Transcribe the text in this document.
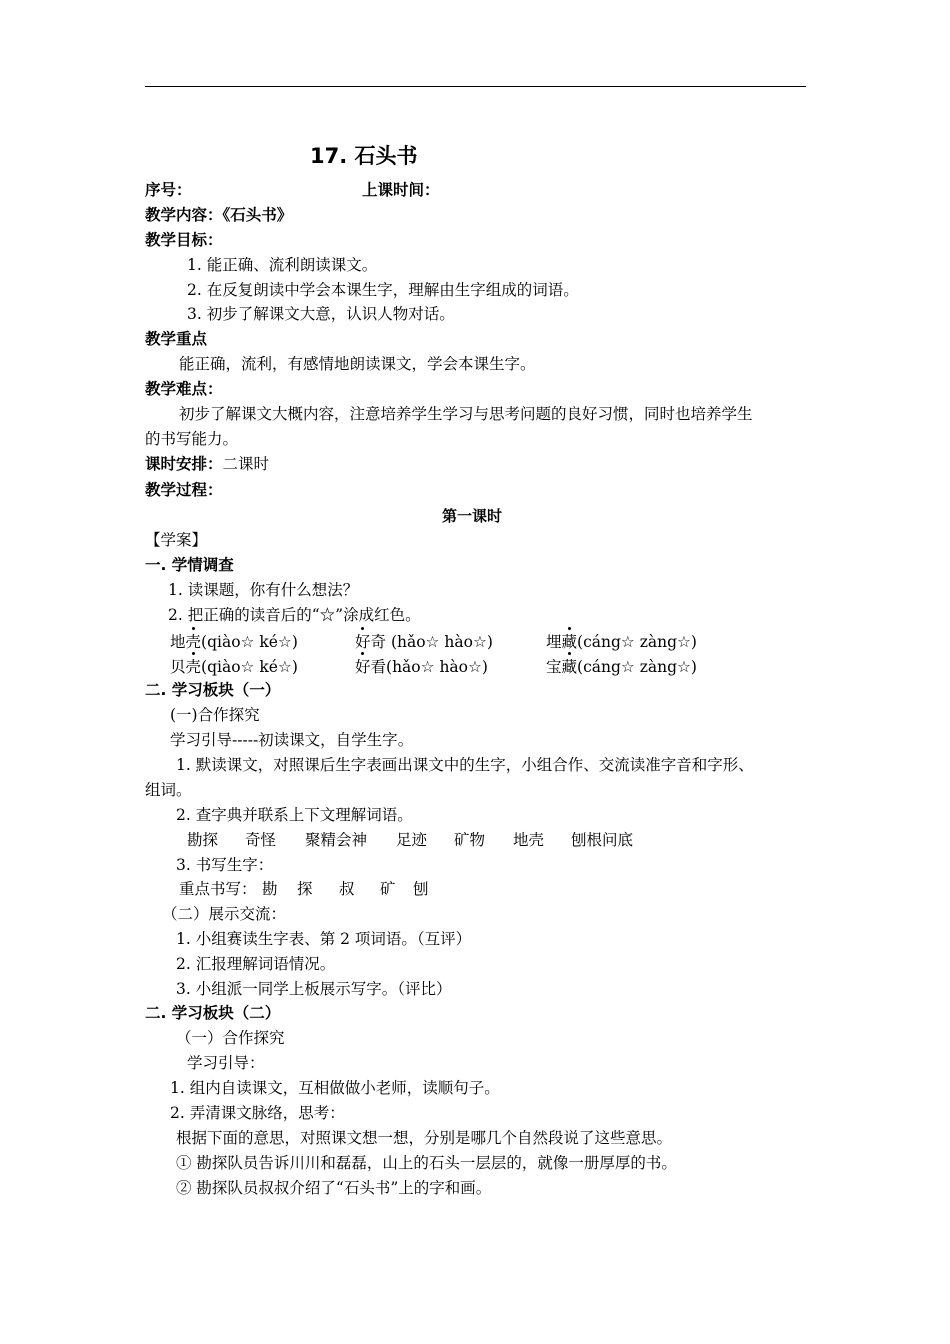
17. 石头书
序号：	上课时间：
教学内容：《石头书》
教学目标：
1. 能正确、流利朗读课文。
2. 在反复朗读中学会本课生字，理解由生字组成的词语。
3. 初步了解课文大意，认识人物对话。
教学重点
能正确，流利，有感情地朗读课文，学会本课生字。
教学难点：
初步了解课文大概内容，注意培养学生学习与思考问题的良好习惯，同时也培养学生
的书写能力。
课时安排：二课时
教学过程：
第一课时
【学案】
一. 学情调查
1. 读课题，你有什么想法？
2. 把正确的读音后的“☆”涂成红色。
地壳(qiào☆ ké☆)	好奇 (hǎo☆ hào☆)	埋藏(cáng☆ zàng☆)
贝壳(qiào☆ ké☆)	好看(hǎo☆ hào☆)	宝藏(cáng☆ zàng☆)
二. 学习板块（一）
(一)合作探究
学习引导-----初读课文，自学生字。
1. 默读课文，对照课后生字表画出课文中的生字，小组合作、交流读准字音和字形、
组词。
2. 查字典并联系上下文理解词语。
勘探 奇怪 聚精会神 足迹 矿物 地壳 刨根问底
3. 书写生字：
重点书写： 勘 探 叔 矿 刨
（二）展示交流：
1. 小组赛读生字表、第 2 项词语。（互评）
2. 汇报理解词语情况。
3. 小组派一同学上板展示写字。（评比）
二. 学习板块（二）
（一）合作探究
学习引导：
1. 组内自读课文，互相做做小老师，读顺句子。
2. 弄清课文脉络，思考：
根据下面的意思，对照课文想一想，分别是哪几个自然段说了这些意思。
① 勘探队员告诉川川和磊磊，山上的石头一层层的，就像一册厚厚的书。
② 勘探队员叔叔介绍了“石头书”上的字和画。
